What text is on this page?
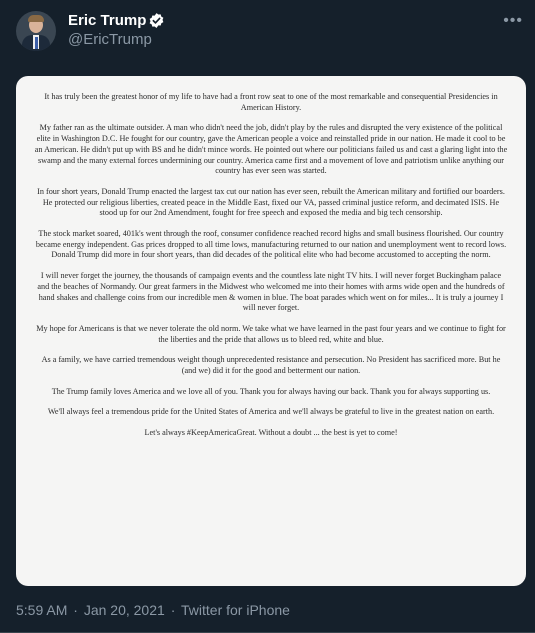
Eric Trump
@EricTrump
•••

It has truly been the greatest honor of my life to have had a front row seat to one of the most remarkable and consequential Presidencies in American History.

My father ran as the ultimate outsider. A man who didn't need the job, didn't play by the rules and disrupted the very existence of the political elite in Washington D.C. He fought for our country, gave the American people a voice and reinstalled pride in our nation. He made it cool to be an American. He didn't put up with BS and he didn't mince words. He pointed out where our politicians failed us and cast a glaring light into the swamp and the many external forces undermining our country. America came first and a movement of love and patriotism unlike anything our country has ever seen was started.

In four short years, Donald Trump enacted the largest tax cut our nation has ever seen, rebuilt the American military and fortified our boarders. He protected our religious liberties, created peace in the Middle East, fixed our VA, passed criminal justice reform, and decimated ISIS. He stood up for our 2nd Amendment, fought for free speech and exposed the media and big tech censorship.

The stock market soared, 401k's went through the roof, consumer confidence reached record highs and small business flourished. Our country became energy independent. Gas prices dropped to all time lows, manufacturing returned to our nation and unemployment went to record lows. Donald Trump did more in four short years, than did decades of the political elite who had become accustomed to accepting the norm.

I will never forget the journey, the thousands of campaign events and the countless late night TV hits. I will never forget Buckingham palace and the beaches of Normandy. Our great farmers in the Midwest who welcomed me into their homes with arms wide open and the hundreds of hand shakes and challenge coins from our incredible men & women in blue. The boat parades which went on for miles... It is truly a journey I will never forget.

My hope for Americans is that we never tolerate the old norm. We take what we have learned in the past four years and we continue to fight for the liberties and the pride that allows us to bleed red, white and blue.

As a family, we have carried tremendous weight though unprecedented resistance and persecution. No President has sacrificed more. But he (and we) did it for the good and betterment our nation.

The Trump family loves America and we love all of you. Thank you for always having our back. Thank you for always supporting us.

We'll always feel a tremendous pride for the United States of America and we'll always be grateful to live in the greatest nation on earth.

Let's always #KeepAmericaGreat. Without a doubt ... the best is yet to come!

5:59 AM · Jan 20, 2021 · Twitter for iPhone
